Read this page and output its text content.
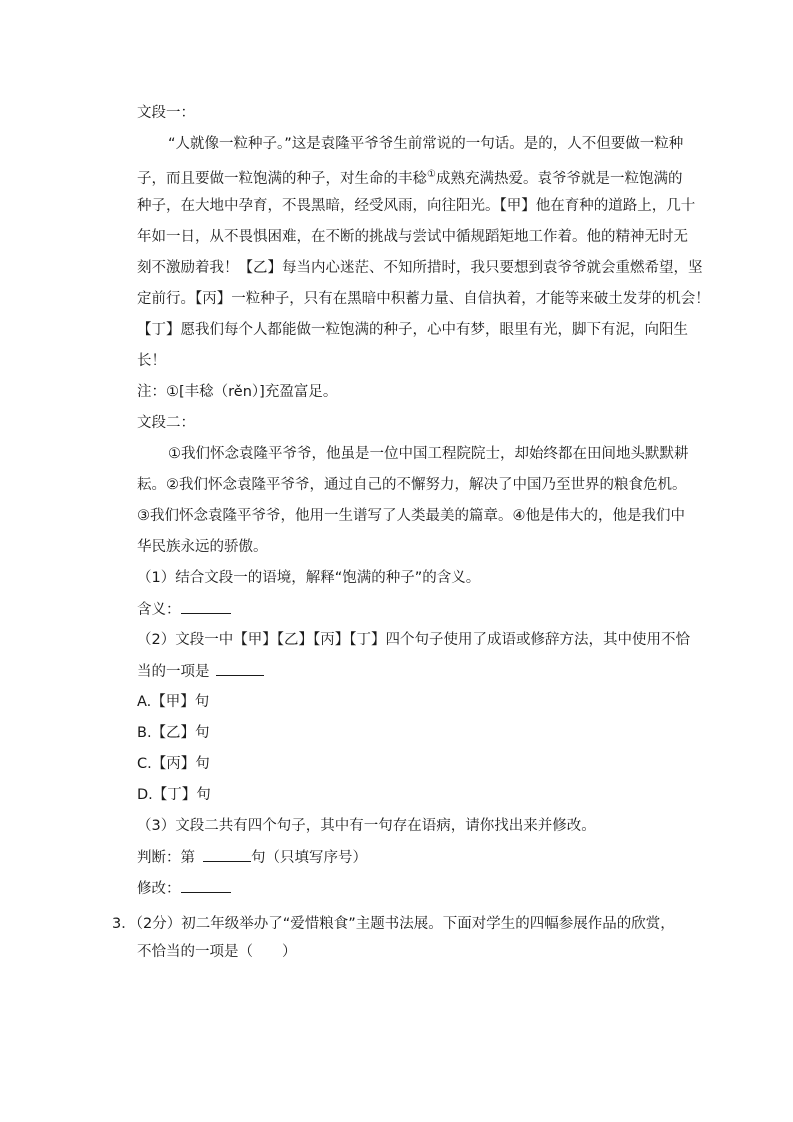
文段一：
“人就像一粒种子。”这是袁隆平爷爷生前常说的一句话。是的，人不但要做一粒种
子，而且要做一粒饱满的种子，对生命的丰稔①成熟充满热爱。袁爷爷就是一粒饱满的
种子，在大地中孕育，不畏黑暗，经受风雨，向往阳光。【甲】他在育种的道路上，几十
年如一日，从不畏惧困难，在不断的挑战与尝试中循规蹈矩地工作着。他的精神无时无
刻不激励着我！【乙】每当内心迷茫、不知所措时，我只要想到袁爷爷就会重燃希望，坚
定前行。【丙】一粒种子，只有在黑暗中积蓄力量、自信执着，才能等来破土发芽的机会！
【丁】愿我们每个人都能做一粒饱满的种子，心中有梦，眼里有光，脚下有泥，向阳生
长！
注：①[丰稔（rěn）]充盈富足。
文段二：
①我们怀念袁隆平爷爷，他虽是一位中国工程院院士，却始终都在田间地头默默耕
耘。②我们怀念袁隆平爷爷，通过自己的不懈努力，解决了中国乃至世界的粮食危机。
③我们怀念袁隆平爷爷，他用一生谱写了人类最美的篇章。④他是伟大的，他是我们中
华民族永远的骄傲。
（1）结合文段一的语境，解释“饱满的种子”的含义。
含义：
（2）文段一中【甲】【乙】【丙】【丁】四个句子使用了成语或修辞方法，其中使用不恰
当的一项是
A.【甲】句
B.【乙】句
C.【丙】句
D.【丁】句
（3）文段二共有四个句子，其中有一句存在语病，请你找出来并修改。
判断：第	句（只填写序号）
修改：
3．（2分）初二年级举办了“爱惜粮食”主题书法展。下面对学生的四幅参展作品的欣赏，
不恰当的一项是（　　）
